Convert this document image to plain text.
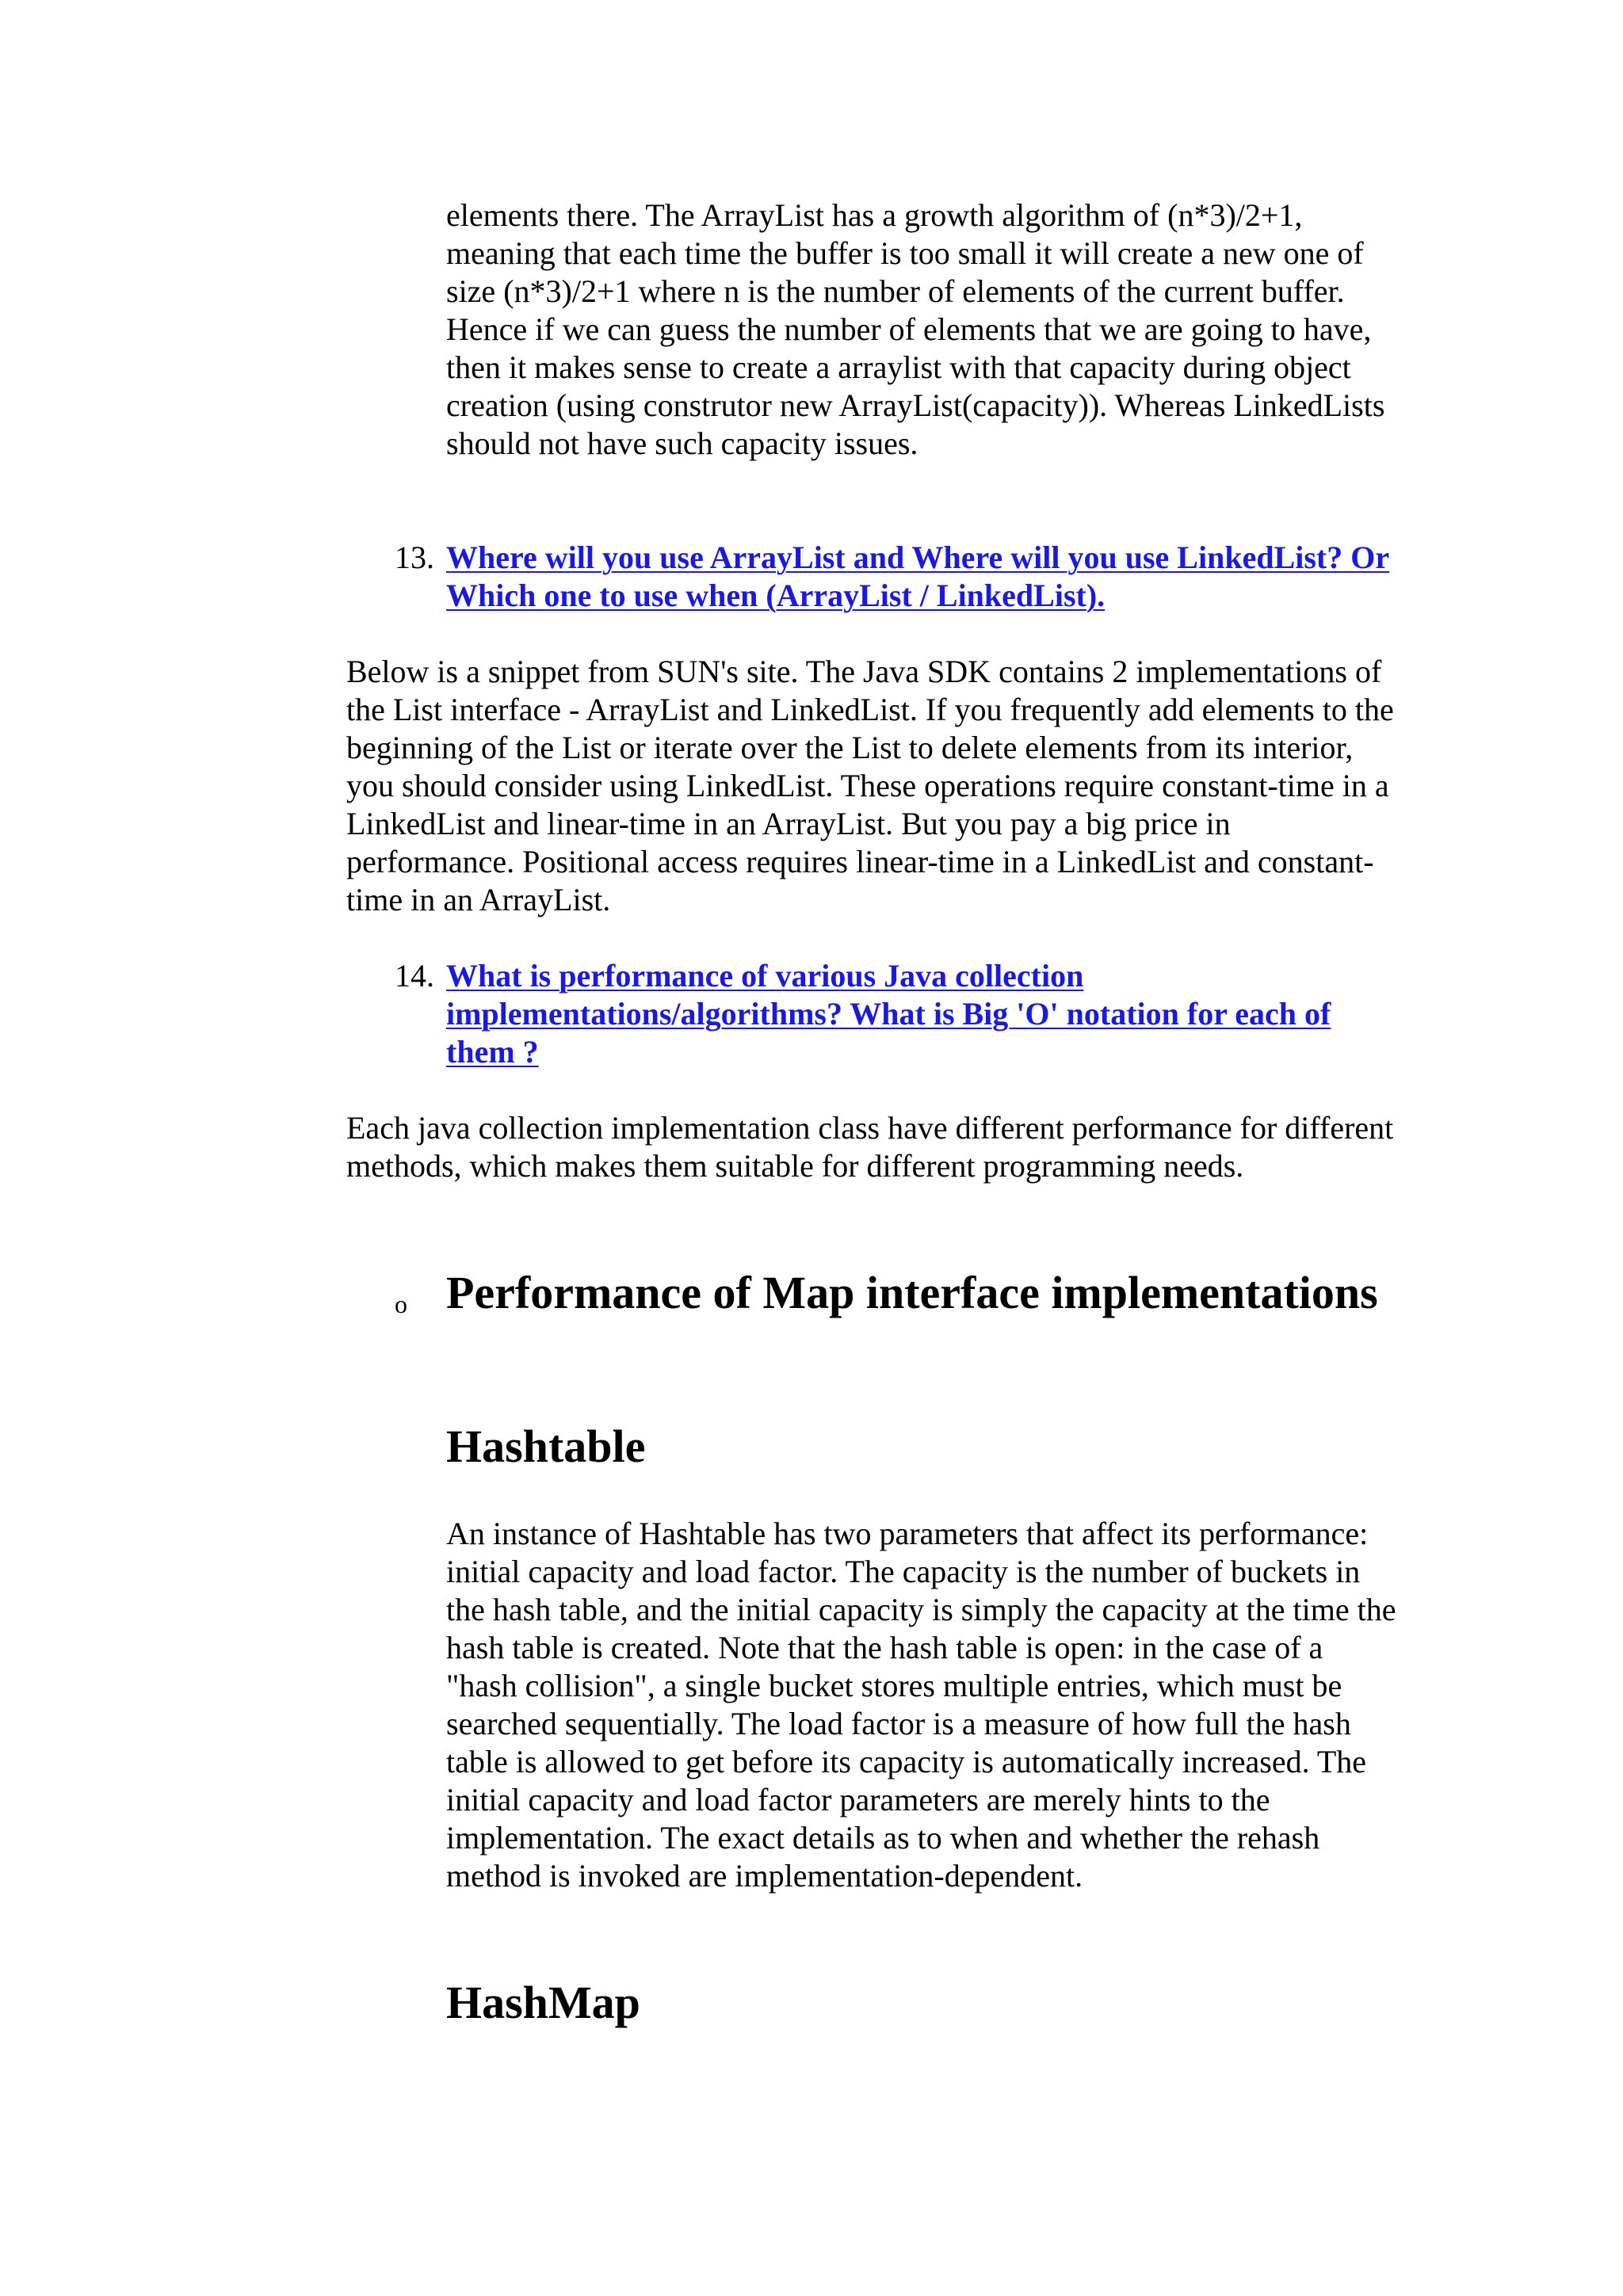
elements there. The ArrayList has a growth algorithm of (n*3)/2+1, meaning that each time the buffer is too small it will create a new one of size (n*3)/2+1 where n is the number of elements of the current buffer. Hence if we can guess the number of elements that we are going to have, then it makes sense to create a arraylist with that capacity during object creation (using construtor new ArrayList(capacity)). Whereas LinkedLists should not have such capacity issues.

13. Where will you use ArrayList and Where will you use LinkedList? Or Which one to use when (ArrayList / LinkedList).

Below is a snippet from SUN's site. The Java SDK contains 2 implementations of the List interface - ArrayList and LinkedList. If you frequently add elements to the beginning of the List or iterate over the List to delete elements from its interior, you should consider using LinkedList. These operations require constant-time in a LinkedList and linear-time in an ArrayList. But you pay a big price in performance. Positional access requires linear-time in a LinkedList and constant-time in an ArrayList.

14. What is performance of various Java collection implementations/algorithms? What is Big 'O' notation for each of them ?

Each java collection implementation class have different performance for different methods, which makes them suitable for different programming needs.

o Performance of Map interface implementations
Hashtable

An instance of Hashtable has two parameters that affect its performance: initial capacity and load factor. The capacity is the number of buckets in the hash table, and the initial capacity is simply the capacity at the time the hash table is created. Note that the hash table is open: in the case of a "hash collision", a single bucket stores multiple entries, which must be searched sequentially. The load factor is a measure of how full the hash table is allowed to get before its capacity is automatically increased. The initial capacity and load factor parameters are merely hints to the implementation. The exact details as to when and whether the rehash method is invoked are implementation-dependent.

HashMap
